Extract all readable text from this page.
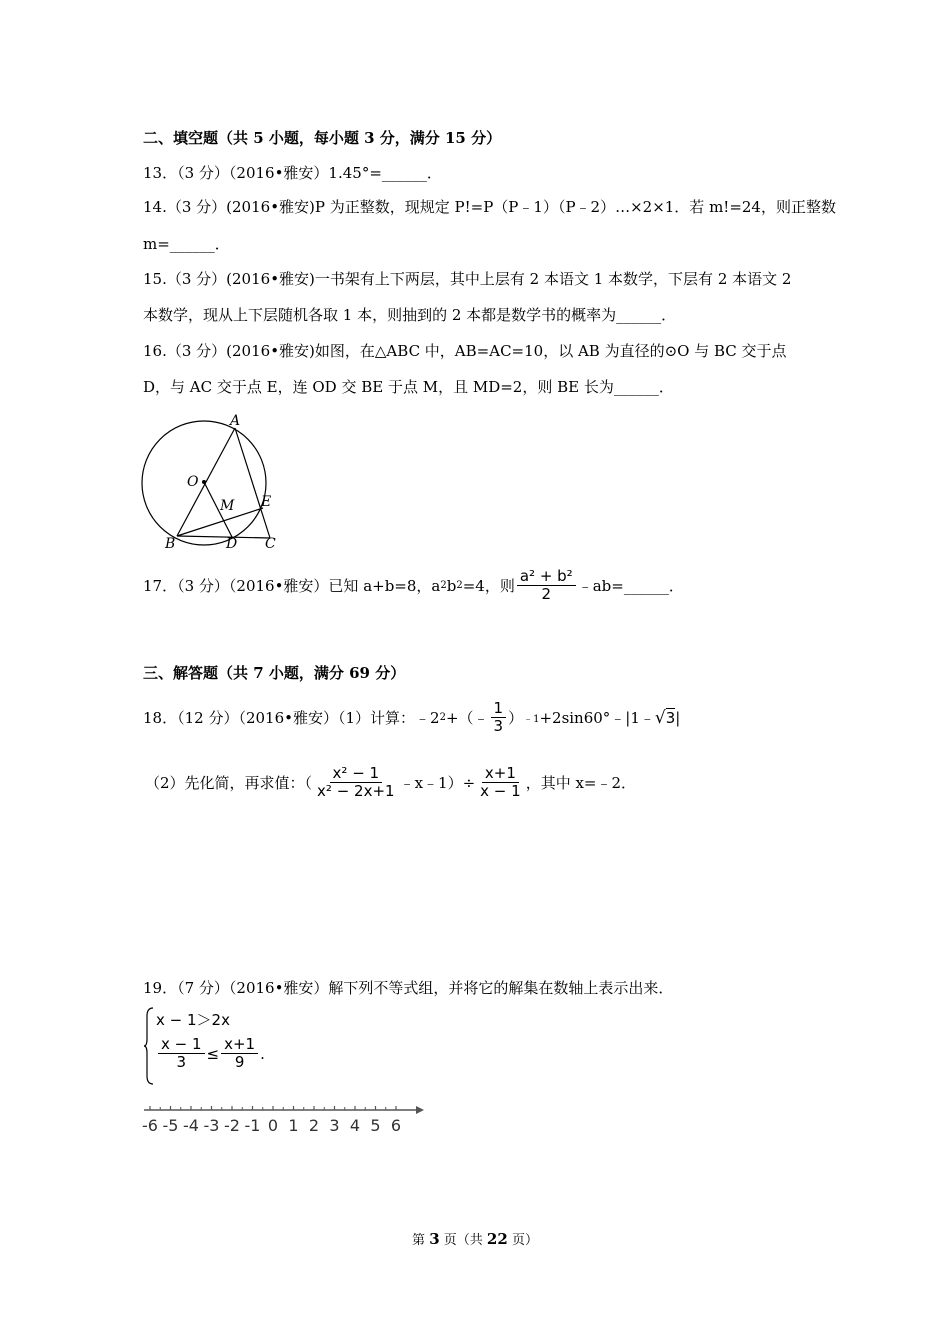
二、填空题（共 5 小题，每小题 3 分，满分 15 分）
13．（3 分）（2016•雅安）1.45°=______．
14.（3 分）(2016•雅安)P 为正整数，现规定 P!=P（P﹣1）（P﹣2）…×2×1．若 m!=24，则正整数
m=______．
15.（3 分）(2016•雅安)一书架有上下两层，其中上层有 2 本语文 1 本数学，下层有 2 本语文 2
本数学，现从上下层随机各取 1 本，则抽到的 2 本都是数学书的概率为______．
16.（3 分）(2016•雅安)如图，在△ABC 中，AB=AC=10，以 AB 为直径的⊙O 与 BC 交于点
D，与 AC 交于点 E，连 OD 交 BE 于点 M，且 MD=2，则 BE 长为______．
A
O
M E
B	D C
17．（3 分）（2016•雅安）已知 a+b=8，a 2 b 2 =4，则 $\frac{\text{a² + b²}}{2}$ ﹣ab=______．
三、解答题（共 7 小题，满分 69 分）
18．（12 分）（2016•雅安）（1）计算：﹣2 2 +（﹣ $\frac{1}{3}$ ） ﹣1 +2sin60°﹣|1﹣ √ 3 |
（2）先化简，再求值：（ $\frac{\text{x² − 1}}{\text{x² − 2x+1}}$ ﹣x﹣1）÷ $\frac{x+1}{x - 1}$ ，其中 x=﹣2．
19．（7 分）（2016•雅安）解下列不等式组，并将它的解集在数轴上表示出来．
x − 1＞2x
$\frac{x - 1}{3} \le \frac{x+1}{9}$ .
-6 -5 -4 -3 -2 -1 0 1 2 3 4 5 6
第 3 页（共 22 页）
